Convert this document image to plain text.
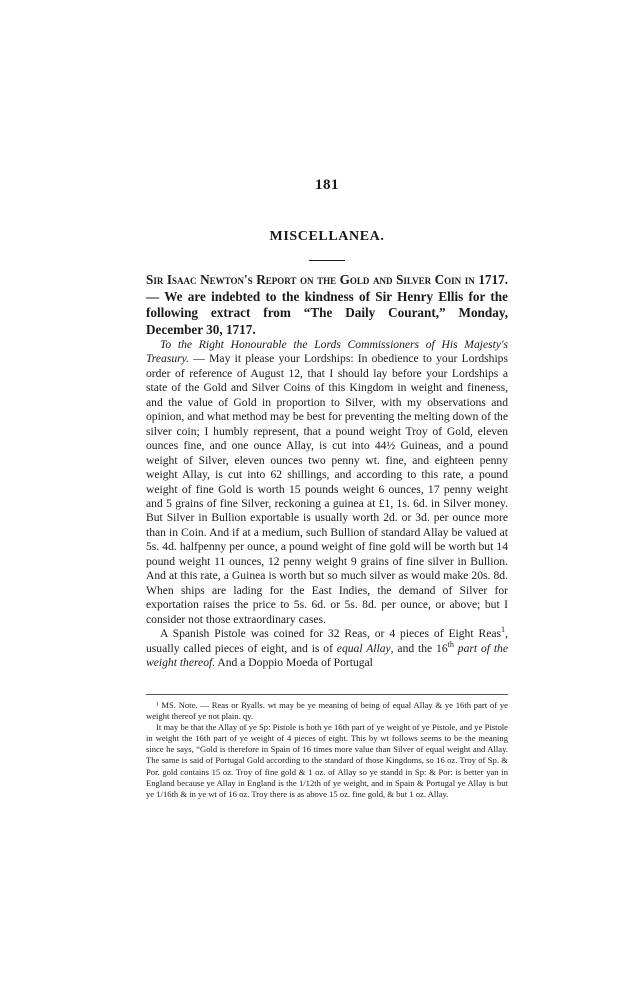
181
MISCELLANEA.
Sir Isaac Newton's Report on the Gold and Silver Coin in 1717. — We are indebted to the kindness of Sir Henry Ellis for the following extract from “The Daily Courant,” Monday, December 30, 1717.

To the Right Honourable the Lords Commissioners of His Majesty's Treasury. — May it please your Lordships: In obedience to your Lordships order of reference of August 12, that I should lay before your Lordships a state of the Gold and Silver Coins of this Kingdom in weight and fineness, and the value of Gold in proportion to Silver, with my observations and opinion, and what method may be best for preventing the melting down of the silver coin; I humbly represent, that a pound weight Troy of Gold, eleven ounces fine, and one ounce Allay, is cut into 44½ Guineas, and a pound weight of Silver, eleven ounces two penny wt. fine, and eighteen penny weight Allay, is cut into 62 shillings, and according to this rate, a pound weight of fine Gold is worth 15 pounds weight 6 ounces, 17 penny weight and 5 grains of fine Silver, reckoning a guinea at £1, 1s. 6d. in Silver money. But Silver in Bullion exportable is usually worth 2d. or 3d. per ounce more than in Coin. And if at a medium, such Bullion of standard Allay be valued at 5s. 4d. halfpenny per ounce, a pound weight of fine gold will be worth but 14 pound weight 11 ounces, 12 penny weight 9 grains of fine silver in Bullion. And at this rate, a Guinea is worth but so much silver as would make 20s. 8d. When ships are lading for the East Indies, the demand of Silver for exportation raises the price to 5s. 6d. or 5s. 8d. per ounce, or above; but I consider not those extraordinary cases.

A Spanish Pistole was coined for 32 Reas, or 4 pieces of Eight Reas$^1$, usually called pieces of eight, and is of equal Allay, and the 16th part of the weight thereof. And a Doppio Moeda of Portugal

¹ MS. Note. — Reas or Ryalls. wt may be ye meaning of being of equal Allay & ye 16th part of ye weight thereof ye not plain. qy.

It may be that the Allay of ye Sp: Pistole is both ye 16th part of ye weight of ye Pistole, and ye Pistole in weight the 16th part of ye weight of 4 pieces of eight. This by wt follows seems to be the meaning since he says, “Gold is therefore in Spain of 16 times more value than Silver of equal weight and Allay. The same is said of Portugal Gold according to the standard of those Kingdoms, so 16 oz. Troy of Sp. & Por. gold contains 15 oz. Troy of fine gold & 1 oz. of Allay so ye standd in Sp: & Por: is better yan in England because ye Allay in England is the 1/12th of ye weight, and in Spain & Portugal ye Allay is but ye 1/16th & in ye wt of 16 oz. Troy there is as above 15 oz. fine gold, & but 1 oz. Allay.
